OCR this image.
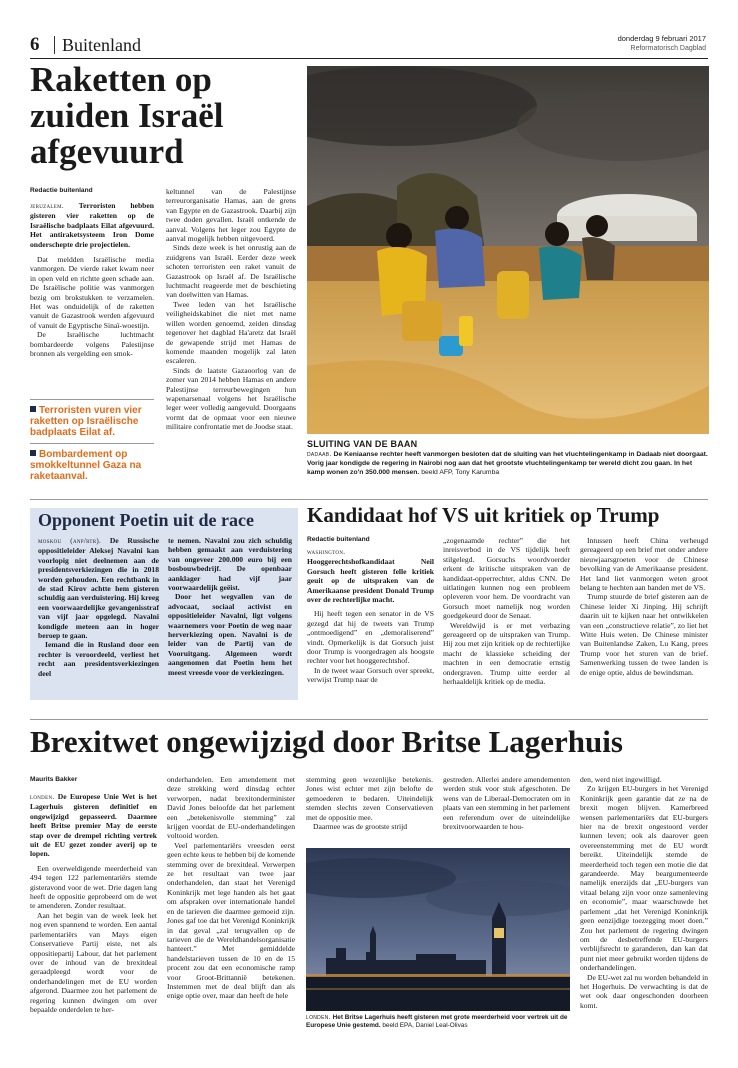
6 Buitenland	donderdag 9 februari 2017
Reformatorisch Dagblad
Raketten op
zuiden Israël
afgevuurd
Redactie buitenland

jeruzalem. Terroristen hebben gisteren vier raketten op de Israëlische badplaats Eilat afgevuurd. Het antiraketsysteem Iron Dome onderschepte drie projectielen.

Dat meldden Israëlische media vanmorgen. De vierde raket kwam neer in open veld en richtte geen schade aan. De Israëlische politie was vanmorgen bezig om brokstukken te verzamelen. Het was onduidelijk of de raketten vanuit de Gazastrook werden afgevuurd of vanuit de Egyptische Sinaï-woestijn.

De Israëlische luchtmacht bombardeerde volgens Palestijnse bronnen als vergelding een smok-

Terroristen vuren vier raketten op Israëlische badplaats Eilat af.
Bombardement op smokkeltunnel Gaza na raketaanval.

keltunnel van de Palestijnse terreurorganisatie Hamas, aan de grens van Egypte en de Gazastrook. Daarbij zijn twee doden gevallen. Israël ontkende de aanval. Volgens het leger zou Egypte de aanval mogelijk hebben uitgevoerd.

Sinds deze week is het onrustig aan de zuidgrens van Israël. Eerder deze week schoten terroristen een raket vanuit de Gazastrook op Israël af. De Israëlische luchtmacht reageerde met de beschieting van doelwitten van Hamas.

Twee leden van het Israëlische veiligheidskabinet die niet met name willen worden genoemd, zeiden dinsdag tegenover het dagblad Ha'aretz dat Israël de gewapende strijd met Hamas de komende maanden mogelijk zal laten escaleren.

Sinds de laatste Gazaoorlog van de zomer van 2014 hebben Hamas en andere Palestijnse terreurbewegingen hun wapenarsenaal volgens het Israëlische leger weer volledig aangevuld. Doorgaans vormt dat de opmaat voor een nieuwe militaire confrontatie met de Joodse staat.

SLUITING VAN DE BAAN
dadaab. De Keniaanse rechter heeft vanmorgen besloten dat de sluiting van het vluchtelingenkamp in Dadaab niet doorgaat. Vorig jaar kondigde de regering in Nairobi nog aan dat het grootste vluchtelingenkamp ter wereld dicht zou gaan. In het kamp wonen zo'n 350.000 mensen. beeld AFP, Tony Karumba
Opponent Poetin uit de race

moskou (anp/rtr). De Russische oppositieleider Aleksej Navalni kan voorlopig niet deelnemen aan de presidentsverkiezingen die in 2018 worden gehouden. Een rechtbank in de stad Kirov achtte hem gisteren schuldig aan verduistering. Hij kreeg een voorwaardelijke gevangenisstraf van vijf jaar opgelegd. Navalni kondigde meteen aan in hoger beroep te gaan.

Iemand die in Rusland door een rechter is veroordeeld, verliest het recht aan presidentsverkiezingen deel

te nemen. Navalni zou zich schuldig hebben gemaakt aan verduistering van ongeveer 200.000 euro bij een bosbouwbedrijf. De openbaar aanklager had vijf jaar voorwaardelijk geëist.

Door het wegvallen van de advocaat, sociaal activist en oppositieleider Navalni, ligt volgens waarnemers voor Poetin de weg naar herverkiezing open. Navalni is de leider van de Partij van de Vooruitgang. Algemeen wordt aangenomen dat Poetin hem het meest vreesde voor de verkiezingen.

Kandidaat hof VS uit kritiek op Trump
Redactie buitenland

washington. Hooggerechtshofkandidaat Neil Gorsuch heeft gisteren felle kritiek geuit op de uitspraken van de Amerikaanse president Donald Trump over de rechterlijke macht.

Hij heeft tegen een senator in de VS gezegd dat hij de tweets van Trump „ontmoedigend” en „demoraliserend” vindt. Opmerkelijk is dat Gorsuch juist door Trump is voorgedragen als hoogste rechter voor het hooggerechtshof.

In de tweet waar Gorsuch over spreekt, verwijst Trump naar de

„zogenaamde rechter” die het inreisverbod in de VS tijdelijk heeft stilgelegd. Gorsuchs woordvoerder erkent de kritische uitspraken van de kandidaat-opperrechter, aldus CNN. De uitlatingen kunnen nog een probleem opleveren voor hem. De voordracht van Gorsuch moet namelijk nog worden goedgekeurd door de Senaat.

Wereldwijd is er met verbazing gereageerd op de uitspraken van Trump. Hij zou met zijn kritiek op de rechterlijke macht de klassieke scheiding der machten in een democratie ernstig ondergraven. Trump uitte eerder al herhaaldelijk kritiek op de media.

Intussen heeft China verheugd gereageerd op een brief met onder andere nieuwjaarsgroeten voor de Chinese bevolking van de Amerikaanse president. Het land liet vanmorgen weten groot belang te hechten aan banden met de VS.

Trump stuurde de brief gisteren aan de Chinese leider Xi Jinping. Hij schrijft daarin uit te kijken naar het ontwikkelen van een „constructieve relatie”, zo liet het Witte Huis weten. De Chinese minister van Buitenlandse Zaken, Lu Kang, prees Trump voor het sturen van de brief. Samenwerking tussen de twee landen is de enige optie, aldus de bewindsman.

Brexitwet ongewijzigd door Britse Lagerhuis
Maurits Bakker

londen. De Europese Unie Wet is het Lagerhuis gisteren definitief en ongewijzigd gepasseerd. Daarmee heeft Britse premier May de eerste stap over de drempel richting vertrek uit de EU gezet zonder averij op te lopen.

Een overweldigende meerderheid van 494 tegen 122 parlementariërs stemde gisteravond voor de wet. Drie dagen lang heeft de oppositie geprobeerd om de wet te amenderen. Zonder resultaat.

Aan het begin van de week leek het nog even spannend te worden. Een aantal parlementariërs van Mays eigen Conservatieve Partij eiste, net als oppositiepartij Labour, dat het parlement over de inhoud van de brexitdeal geraadpleegd wordt voor de onderhandelingen met de EU worden afgerond. Daarmee zou het parlement de regering kunnen dwingen om over bepaalde onderdelen te her-

onderhandelen. Een amendement met deze strekking werd dinsdag echter verworpen, nadat brexitonderminister David Jones beloofde dat het parlement een „betekenisvolle stemming” zal krijgen voordat de EU-onderhandelingen voltooid worden.

Veel parlementariërs vreesden eerst geen echte keus te hebben bij de komende stemming over de brexitdeal. Verwerpen ze het resultaat van twee jaar onderhandelen, dan staat het Verenigd Koninkrijk met lege handen als het gaat om afspraken over internationale handel en de tarieven die daarmee gemoeid zijn. Jones gaf toe dat het Verenigd Koninkrijk in dat geval „zal terugvallen op de tarieven die de Wereldhandelsorganisatie hanteert.” Met gemiddelde handelstarieven tussen de 10 en de 15 procent zou dat een economische ramp voor Groot-Brittannië betekenen. Instemmen met de deal blijft dan als enige optie over, maar dan heeft de hele

stemming geen wezenlijke betekenis. Jones wist echter met zijn belofte de gemoederen te bedaren. Uiteindelijk stemden slechts zeven Conservatieven met de oppositie mee.

Daarmee was de grootste strijd

gestreden. Allerlei andere amendementen werden stuk voor stuk afgeschoten. De wens van de Liberaal-Democraten om in plaats van een stemming in het parlement een referendum over de uiteindelijke brexitvoorwaarden te hou-

den, werd niet ingewilligd.

Zo krijgen EU-burgers in het Verenigd Koninkrijk geen garantie dat ze na de brexit mogen blijven. Kamerbreed wensen parlementariërs dat EU-burgers hier na de brexit ongestoord verder kunnen leven; ook als daarover geen overeenstemming met de EU wordt bereikt. Uiteindelijk stemde de meerderheid toch tegen een motie die dat garandeerde. May beargumenteerde namelijk enerzijds dat „EU-burgers van vitaal belang zijn voor onze samenleving en economie”, maar waarschuwde het parlement „dat het Verenigd Koninkrijk geen eenzijdige toezegging moet doen.” Zou het parlement de regering dwingen om de desbetreffende EU-burgers verblijfsrecht te garanderen, dan kan dat punt niet meer gebruikt worden tijdens de onderhandelingen.

De EU-wet zal nu worden behandeld in het Hogerhuis. De verwachting is dat de wet ook daar ongeschonden doorheen komt.

londen. Het Britse Lagerhuis heeft gisteren met grote meerderheid voor vertrek uit de Europese Unie gestemd. beeld EPA, Daniel Leal-Olivas
